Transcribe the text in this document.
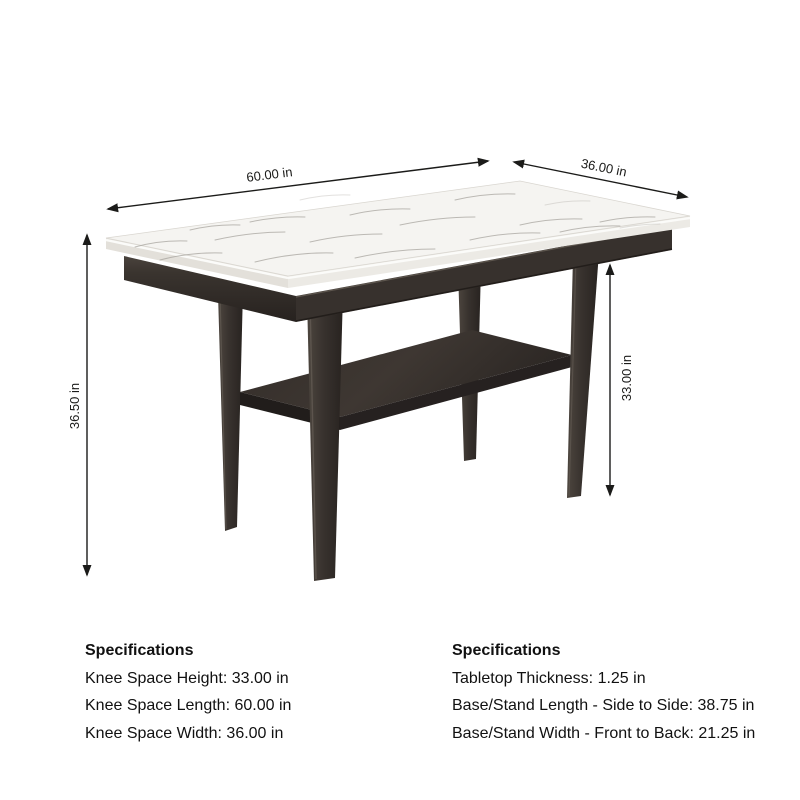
60.00 in	36.00 in
36.50 in
33.00 in
Specifications
Knee Space Height: 33.00 in
Knee Space Length: 60.00 in
Knee Space Width: 36.00 in
Specifications
Tabletop Thickness: 1.25 in
Base/Stand Length - Side to Side: 38.75 in
Base/Stand Width - Front to Back: 21.25 in
